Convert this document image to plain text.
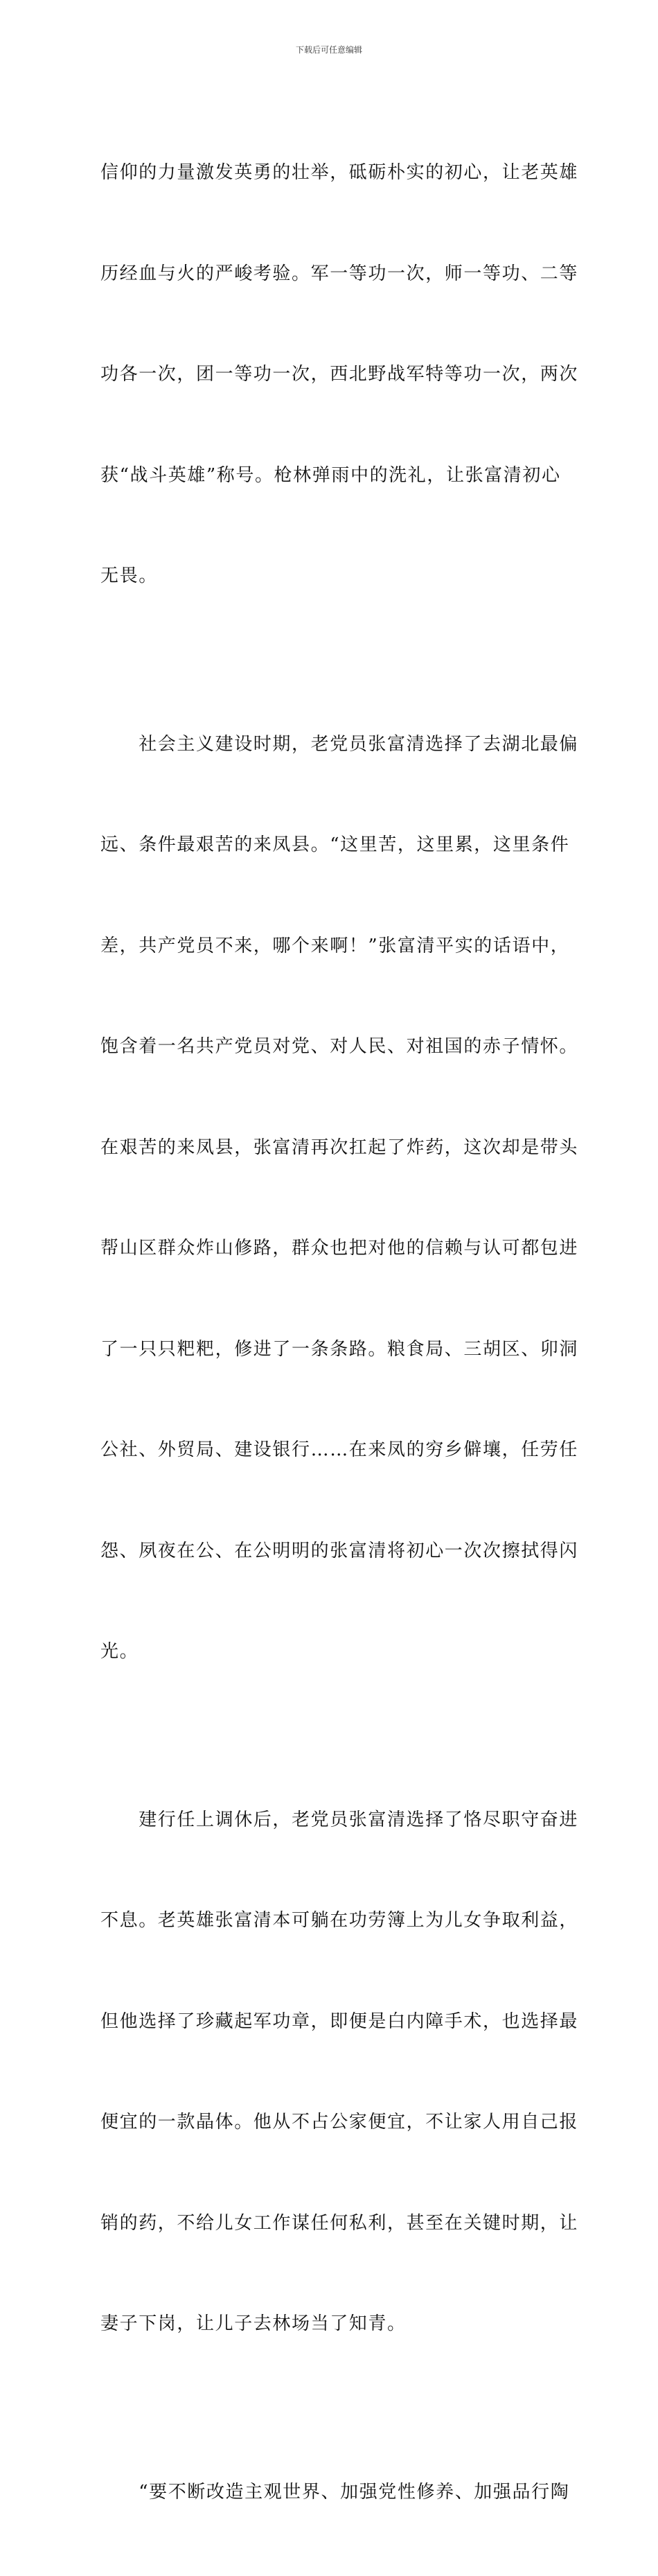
下载后可任意编辑

信仰的力量激发英勇的壮举，砥砺朴实的初心，让老英雄

历经血与火的严峻考验。军一等功一次，师一等功、二等

功各一次，团一等功一次，西北野战军特等功一次，两次

获“战斗英雄”称号。枪林弹雨中的洗礼，让张富清初心

无畏。

　　社会主义建设时期，老党员张富清选择了去湖北最偏

远、条件最艰苦的来凤县。“这里苦，这里累，这里条件

差，共产党员不来，哪个来啊！”张富清平实的话语中，

饱含着一名共产党员对党、对人民、对祖国的赤子情怀。

在艰苦的来凤县，张富清再次扛起了炸药，这次却是带头

帮山区群众炸山修路，群众也把对他的信赖与认可都包进

了一只只粑粑，修进了一条条路。粮食局、三胡区、卯洞

公社、外贸局、建设银行……在来凤的穷乡僻壤，任劳任

怨、夙夜在公、在公明明的张富清将初心一次次擦拭得闪

光。

　　建行任上调休后，老党员张富清选择了恪尽职守奋进

不息。老英雄张富清本可躺在功劳簿上为儿女争取利益，

但他选择了珍藏起军功章，即便是白内障手术，也选择最

便宜的一款晶体。他从不占公家便宜，不让家人用自己报

销的药，不给儿女工作谋任何私利，甚至在关键时期，让

妻子下岗，让儿子去林场当了知青。

　　“要不断改造主观世界、加强党性修养、加强品行陶
